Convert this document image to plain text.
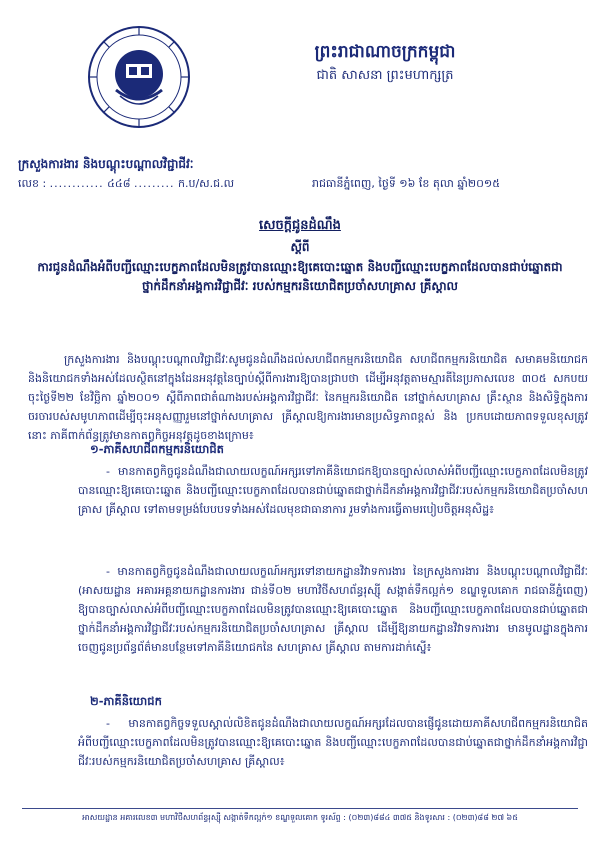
ព្រះរាជាណាចក្រកម្ពុជា
ជាតិ សាសនា ព្រះមហាក្សត្រ
ក្រសួងការងារ និងបណ្តុះបណ្តាលវិជ្ជាជីវៈ
លេខ : ............ ៤៤៨ ......... ក.ប/ស.ជ.ល	រាជធានីភ្នំពេញ, ថ្ងៃទី ១៦ ខែ តុលា ឆ្នាំ២០១៥
សេចក្តីជូនដំណឹង
ស្តីពី
ការជូនដំណឹងអំពីបញ្ជីឈ្មោះបេក្ខភាពដែលមិនត្រូវបានឈ្មោះឱ្យគេបោះឆ្នោត និងបញ្ជីឈ្មោះបេក្ខភាពដែលបានជាប់ឆ្នោតជាថ្នាក់ដឹកនាំអង្គការវិជ្ជាជីវៈ របស់កម្មករនិយោជិតប្រចាំសហគ្រាស គ្រីស្តាល
ក្រសួងការងារ និងបណ្តុះបណ្តាលវិជ្ជាជីវៈសូមជូនដំណឹងដល់សហជីពកម្មករនិយោជិត សហជីពកម្មករនិយោជិត សមាគមនិយោជក និងនិយោជកទាំងអស់ដែលស្ថិតនៅក្នុងដែនអនុវត្តនៃច្បាប់ស្តីពីការងារឱ្យបានជ្រាបថា ដើម្បីអនុវត្តតាមស្មារតីនៃប្រកាសលេខ ៣០៥ សកបយ ចុះថ្ងៃទី២២ ខែវិច្ឆិកា ឆ្នាំ២០០១ ស្តីពីភាពជាតំណាងរបស់អង្គការវិជ្ជាជីវៈ នៃកម្មករនិយោជិត នៅថ្នាក់សហគ្រាស គ្រឹះស្ថាន និងសិទ្ធិក្នុងការចរចារបស់សមូហភាពដើម្បីចុះអនុសញ្ញារួមនៅថ្នាក់សហគ្រាស គ្រីស្តាលឱ្យការងារមានប្រសិទ្ធភាពខ្ពស់ និង ប្រកបដោយភាពទទួលខុសត្រូវនោះ ភាគីពាក់ព័ន្ធត្រូវមានកាតព្វកិច្ចអនុវត្តដូចខាងក្រោម៖
១-ភាគីសហជីពកម្មករនិយោជិត
- មានកាតព្វកិច្ចជូនដំណឹងជាលាយលក្ខណ៍អក្សរទៅភាគីនិយោជកឱ្យបានច្បាស់លាស់អំពីបញ្ជីឈ្មោះបេក្ខភាពដែលមិនត្រូវបានឈ្មោះឱ្យគេបោះឆ្នោត និងបញ្ជីឈ្មោះបេក្ខភាពដែលបានជាប់ឆ្នោតជាថ្នាក់ដឹកនាំអង្គការវិជ្ជាជីវៈរបស់កម្មករនិយោជិតប្រចាំសហគ្រាស គ្រីស្តាល ទៅតាមទម្រង់បែបបទទាំងអស់ដែលមុខជាធានាការ រួមទាំងការធ្វើតាមរបៀបចិត្តអនុសិដ្ឋ៖
- មានកាតព្វកិច្ចជូនដំណឹងជាលាយលក្ខណ៍អក្សរទៅនាយកដ្ឋានវិវាទការងារ នៃក្រសួងការងារ និងបណ្តុះបណ្តាលវិជ្ជាជីវៈ (អាសយដ្ឋាន អគារអគ្គនាយកដ្ឋានការងារ ជាន់ទី០២ មហាវិថីសហព័ន្ធរុស្ស៊ី សង្កាត់ទឹកល្អក់១ ខណ្ឌទួលគោក រាជធានីភ្នំពេញ) ឱ្យបានច្បាស់លាស់អំពីបញ្ជីឈ្មោះបេក្ខភាពដែលមិនត្រូវបានឈ្មោះឱ្យគេបោះឆ្នោត និងបញ្ជីឈ្មោះបេក្ខភាពដែលបានជាប់ឆ្នោតជាថ្នាក់ដឹកនាំអង្គការវិជ្ជាជីវៈរបស់កម្មករនិយោជិតប្រចាំសហគ្រាស គ្រីស្តាល ដើម្បីឱ្យនាយកដ្ឋានវិវាទការងារ មានមូលដ្ឋានក្នុងការចេញជូនប្រព័ន្ធព័ត៌មានបន្ថែមទៅភាគីនិយោជកនៃ សហគ្រាស គ្រីស្តាល តាមការដាក់ស្នើ៖
២-ភាគីនិយោជក
- មានកាតព្វកិច្ចទទួលស្គាល់លិខិតជូនដំណឹងជាលាយលក្ខណ៍អក្សរដែលបានផ្ញើជូនដោយភាគីសហជីពកម្មករនិយោជិត អំពីបញ្ជីឈ្មោះបេក្ខភាពដែលមិនត្រូវបានឈ្មោះឱ្យគេបោះឆ្នោត និងបញ្ជីឈ្មោះបេក្ខភាពដែលបានជាប់ឆ្នោតជាថ្នាក់ដឹកនាំអង្គការវិជ្ជាជីវៈរបស់កម្មករនិយោជិតប្រចាំសហគ្រាស គ្រីស្តាល៖
អាសយដ្ឋាន អគារលេខ៣ មហាវិថីសហព័ន្ធរុស្ស៊ី សង្កាត់ទឹកល្អក់១ ខណ្ឌទួលគោក ទូរស័ព្ទ : (០២៣)៨៨៤ ៣៧៥ និងទូរសារ : (០២៣)៨៨ ២៧ ៦៥
